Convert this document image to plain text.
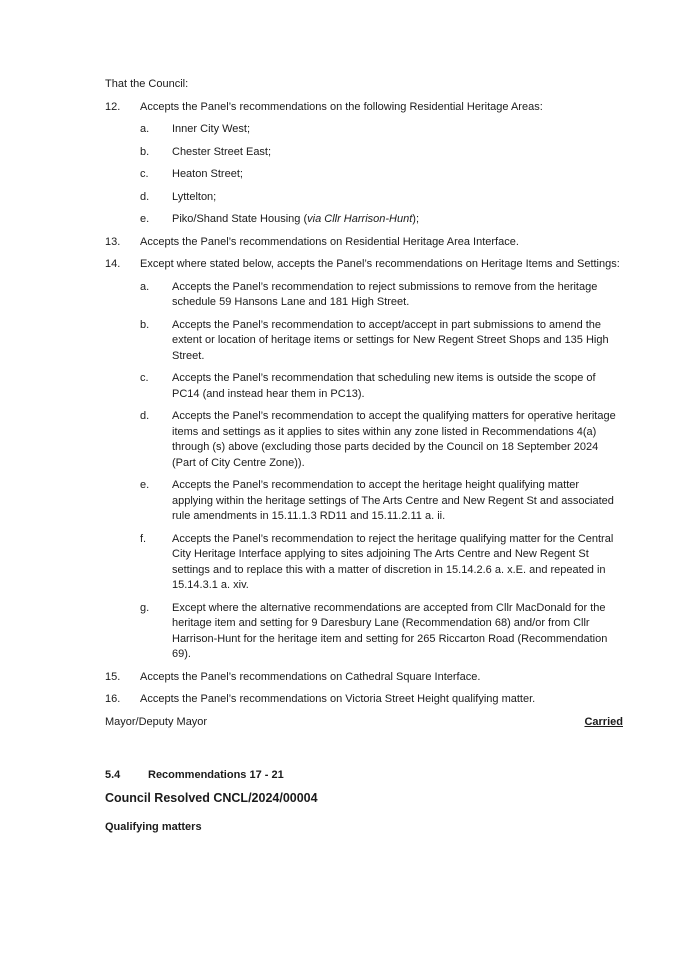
That the Council:

12.	Accepts the Panel’s recommendations on the following Residential Heritage Areas:

a.	Inner City West;
b.	Chester Street East;
c.	Heaton Street;
d.	Lyttelton;
e.	Piko/Shand State Housing (via Cllr Harrison-Hunt);
13.	Accepts the Panel’s recommendations on Residential Heritage Area Interface.

14.	Except where stated below, accepts the Panel’s recommendations on Heritage Items and Settings:

a.	Accepts the Panel’s recommendation to reject submissions to remove from the heritage schedule 59 Hansons Lane and 181 High Street.
b.	Accepts the Panel’s recommendation to accept/accept in part submissions to amend the extent or location of heritage items or settings for New Regent Street Shops and 135 High Street.
c.	Accepts the Panel’s recommendation that scheduling new items is outside the scope of PC14 (and instead hear them in PC13).
d.	Accepts the Panel’s recommendation to accept the qualifying matters for operative heritage items and settings as it applies to sites within any zone listed in Recommendations 4(a) through (s) above (excluding those parts decided by the Council on 18 September 2024 (Part of City Centre Zone)).
e.	Accepts the Panel’s recommendation to accept the heritage height qualifying matter applying within the heritage settings of The Arts Centre and New Regent St and associated rule amendments in 15.11.1.3 RD11 and 15.11.2.11 a. ii.
f.	Accepts the Panel’s recommendation to reject the heritage qualifying matter for the Central City Heritage Interface applying to sites adjoining The Arts Centre and New Regent St settings and to replace this with a matter of discretion in 15.14.2.6 a. x.E. and repeated in 15.14.3.1 a. xiv.
g.	Except where the alternative recommendations are accepted from Cllr MacDonald for the heritage item and setting for 9 Daresbury Lane (Recommendation 68) and/or from Cllr Harrison-Hunt for the heritage item and setting for 265 Riccarton Road (Recommendation 69).
15.	Accepts the Panel’s recommendations on Cathedral Square Interface.

16.	Accepts the Panel’s recommendations on Victoria Street Height qualifying matter.

Mayor/Deputy Mayor	Carried
5.4	Recommendations 17 - 21

Council Resolved CNCL/2024/00004

Qualifying matters
